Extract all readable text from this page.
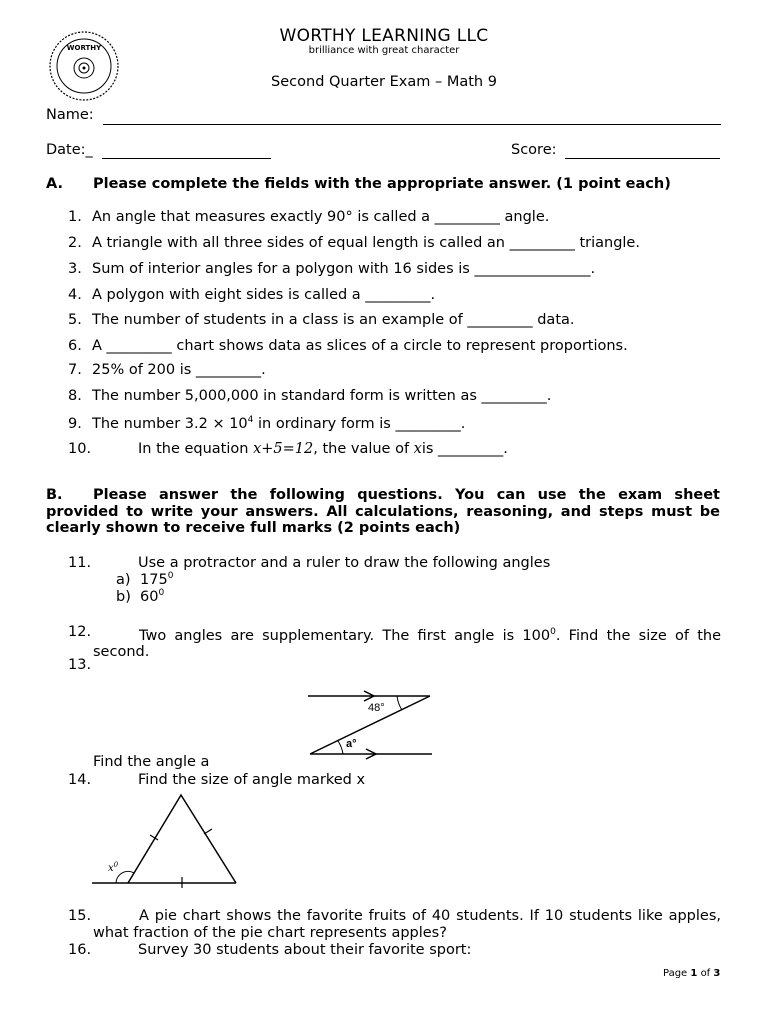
WORTHY
WORTHY LEARNING LLC
brilliance with great character
Second Quarter Exam – Math 9
Name:
Date:_	Score:
A. Please complete the fields with the appropriate answer. (1 point each)
1. An angle that measures exactly 90° is called a _________ angle.
2. A triangle with all three sides of equal length is called an _________ triangle.
3. Sum of interior angles for a polygon with 16 sides is ________________.
4. A polygon with eight sides is called a _________.
5. The number of students in a class is an example of _________ data.
6. A _________ chart shows data as slices of a circle to represent proportions.
7. 25% of 200 is _________.
8. The number 5,000,000 in standard form is written as _________.
9. The number $3.2 \times 10^4$ in ordinary form is _________.
10.	In the equation x+5=12, the value of xis _________.
B. Please answer the following questions. You can use the exam sheet provided to write your answers. All calculations, reasoning, and steps must be clearly shown to receive full marks (2 points each)
11.	Use a protractor and a ruler to draw the following angles
a) $175^0$
b) $60^0$
12.	Two angles are supplementary. The first angle is $100^0$. Find the size of the second.
13.
48°
a°
Find the angle a
14.	Find the size of angle marked x
$x^0$
15.	A pie chart shows the favorite fruits of 40 students. If 10 students like apples, what fraction of the pie chart represents apples?
16.	Survey 30 students about their favorite sport:
Page 1 of 3
